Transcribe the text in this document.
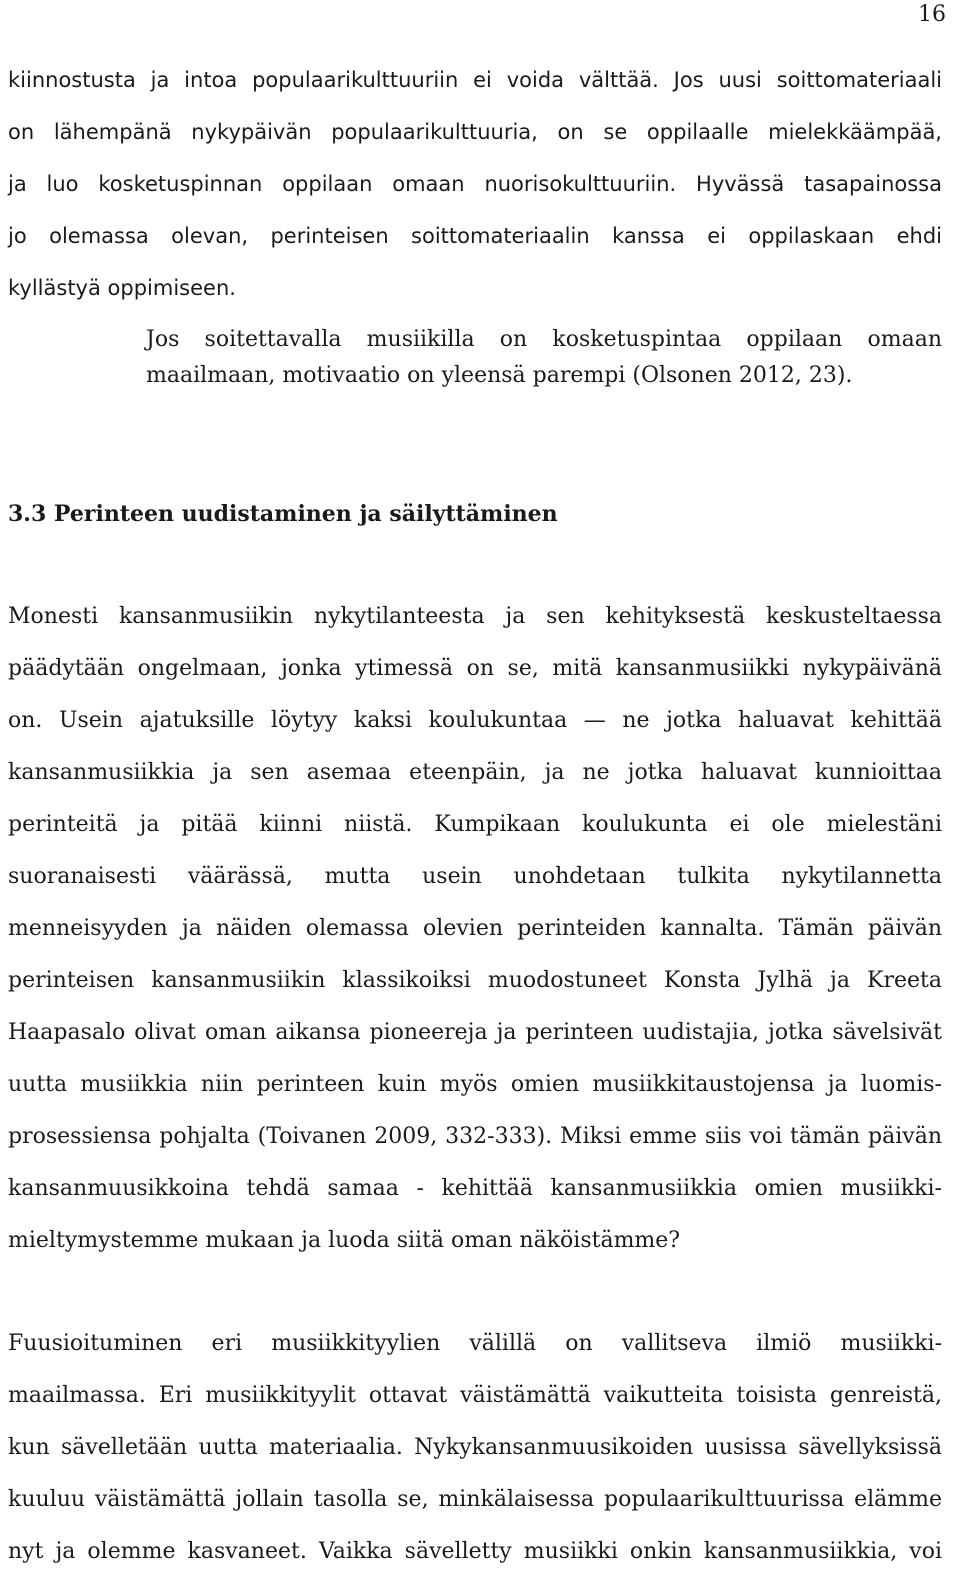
16
kiinnostusta ja intoa populaarikulttuuriin ei voida välttää. Jos uusi soittomateriaali
on lähempänä nykypäivän populaarikulttuuria, on se oppilaalle mielekkäämpää,
ja luo kosketuspinnan oppilaan omaan nuorisokulttuuriin. Hyvässä tasapainossa
jo olemassa olevan, perinteisen soittomateriaalin kanssa ei oppilaskaan ehdi
kyllästyä oppimiseen.
Jos soitettavalla musiikilla on kosketuspintaa oppilaan omaan
maailmaan, motivaatio on yleensä parempi (Olsonen 2012, 23).
3.3 Perinteen uudistaminen ja säilyttäminen
Monesti kansanmusiikin nykytilanteesta ja sen kehityksestä keskusteltaessa
päädytään ongelmaan, jonka ytimessä on se, mitä kansanmusiikki nykypäivänä
on. Usein ajatuksille löytyy kaksi koulukuntaa — ne jotka haluavat kehittää
kansanmusiikkia ja sen asemaa eteenpäin, ja ne jotka haluavat kunnioittaa
perinteitä ja pitää kiinni niistä. Kumpikaan koulukunta ei ole mielestäni
suoranaisesti väärässä, mutta usein unohdetaan tulkita nykytilannetta
menneisyyden ja näiden olemassa olevien perinteiden kannalta. Tämän päivän
perinteisen kansanmusiikin klassikoiksi muodostuneet Konsta Jylhä ja Kreeta
Haapasalo olivat oman aikansa pioneereja ja perinteen uudistajia, jotka sävelsivät
uutta musiikkia niin perinteen kuin myös omien musiikkitaustojensa ja luomis-
prosessiensa pohjalta (Toivanen 2009, 332-333). Miksi emme siis voi tämän päivän
kansanmuusikkoina tehdä samaa - kehittää kansanmusiikkia omien musiikki-
mieltymystemme mukaan ja luoda siitä oman näköistämme?
Fuusioituminen eri musiikkityylien välillä on vallitseva ilmiö musiikki-
maailmassa. Eri musiikkityylit ottavat väistämättä vaikutteita toisista genreistä,
kun sävelletään uutta materiaalia. Nykykansanmuusikoiden uusissa sävellyksissä
kuuluu väistämättä jollain tasolla se, minkälaisessa populaarikulttuurissa elämme
nyt ja olemme kasvaneet. Vaikka sävelletty musiikki onkin kansanmusiikkia, voi
